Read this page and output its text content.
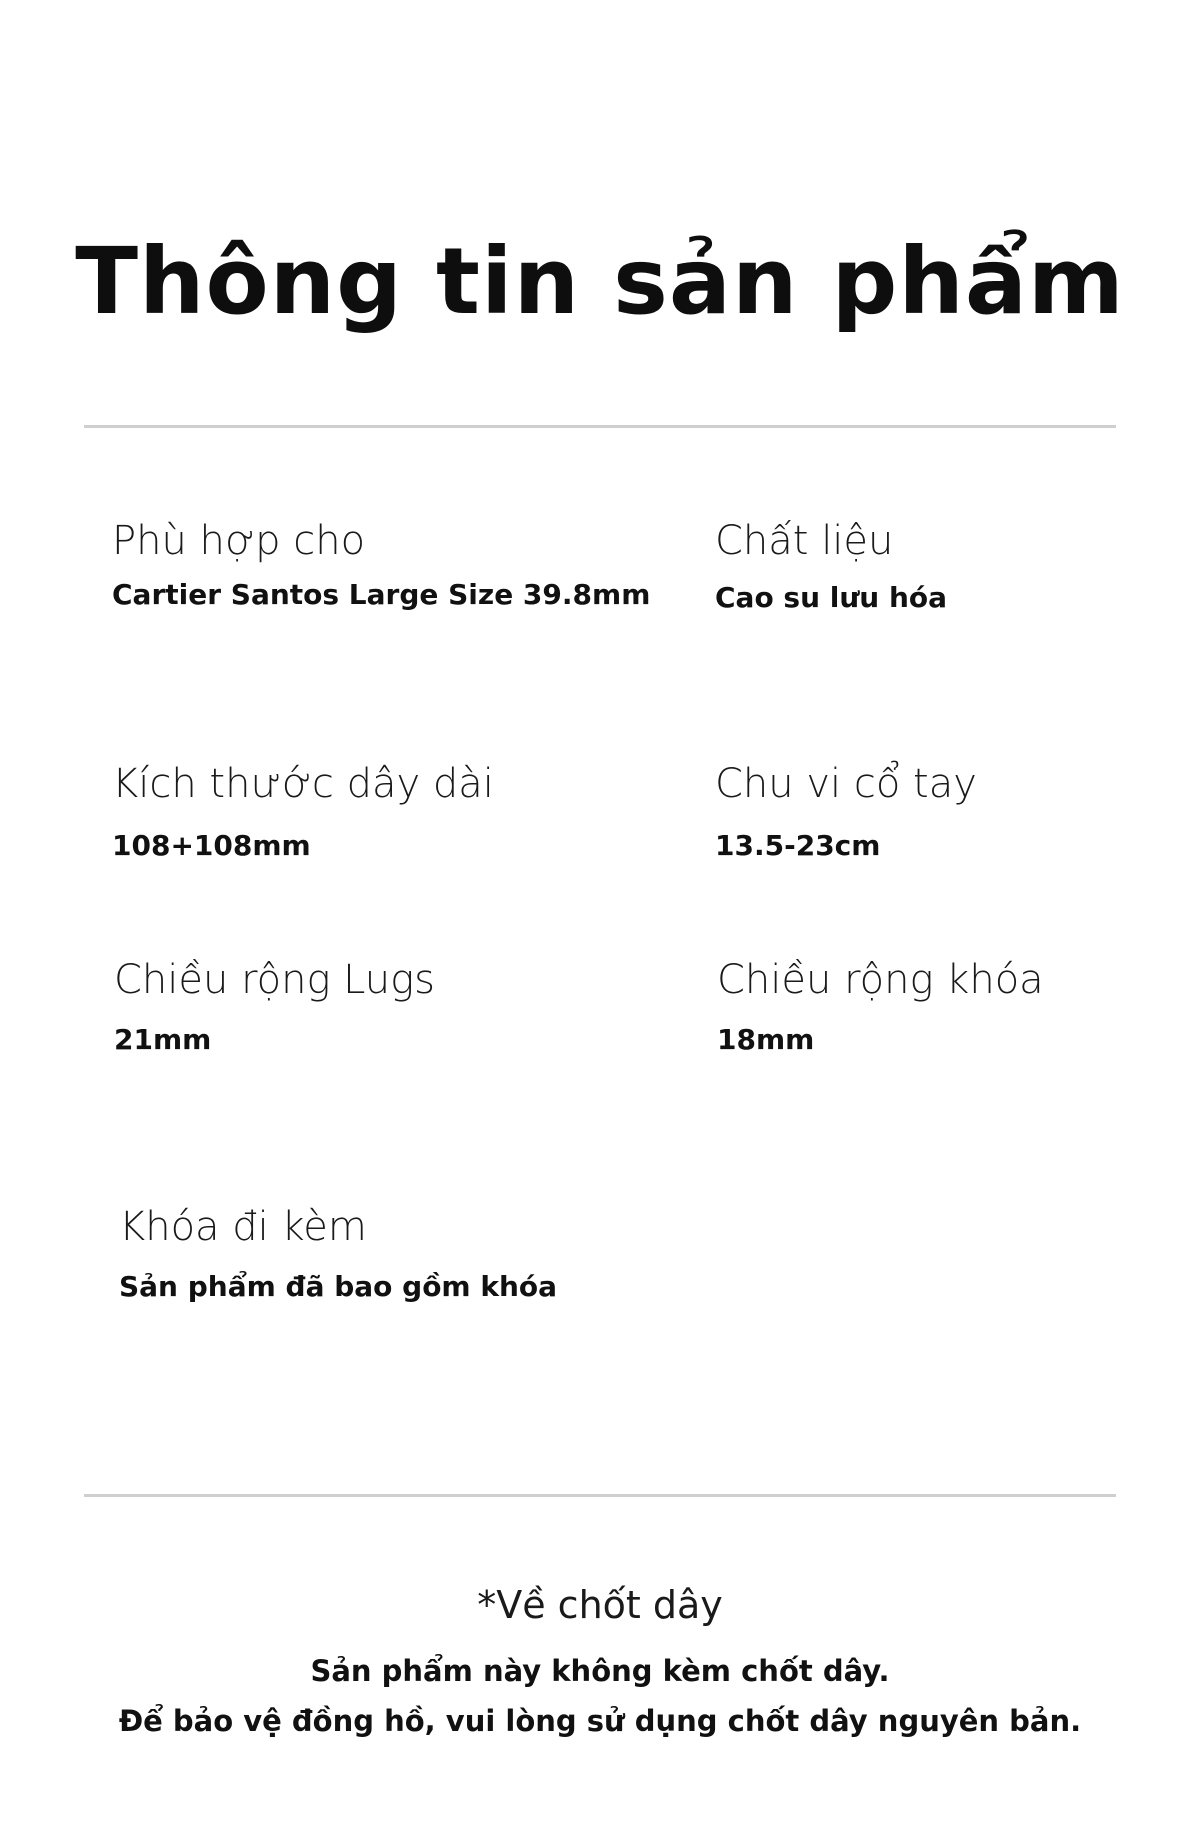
Thông tin sản phẩm
Phù hợp cho
Cartier Santos Large Size 39.8mm
Chất liệu
Cao su lưu hóa
Kích thước dây dài
108+108mm
Chu vi cổ tay
13.5-23cm
Chiều rộng Lugs
21mm
Chiều rộng khóa
18mm
Khóa đi kèm
Sản phẩm đã bao gồm khóa
*Về chốt dây
Sản phẩm này không kèm chốt dây.
Để bảo vệ đồng hồ, vui lòng sử dụng chốt dây nguyên bản.
